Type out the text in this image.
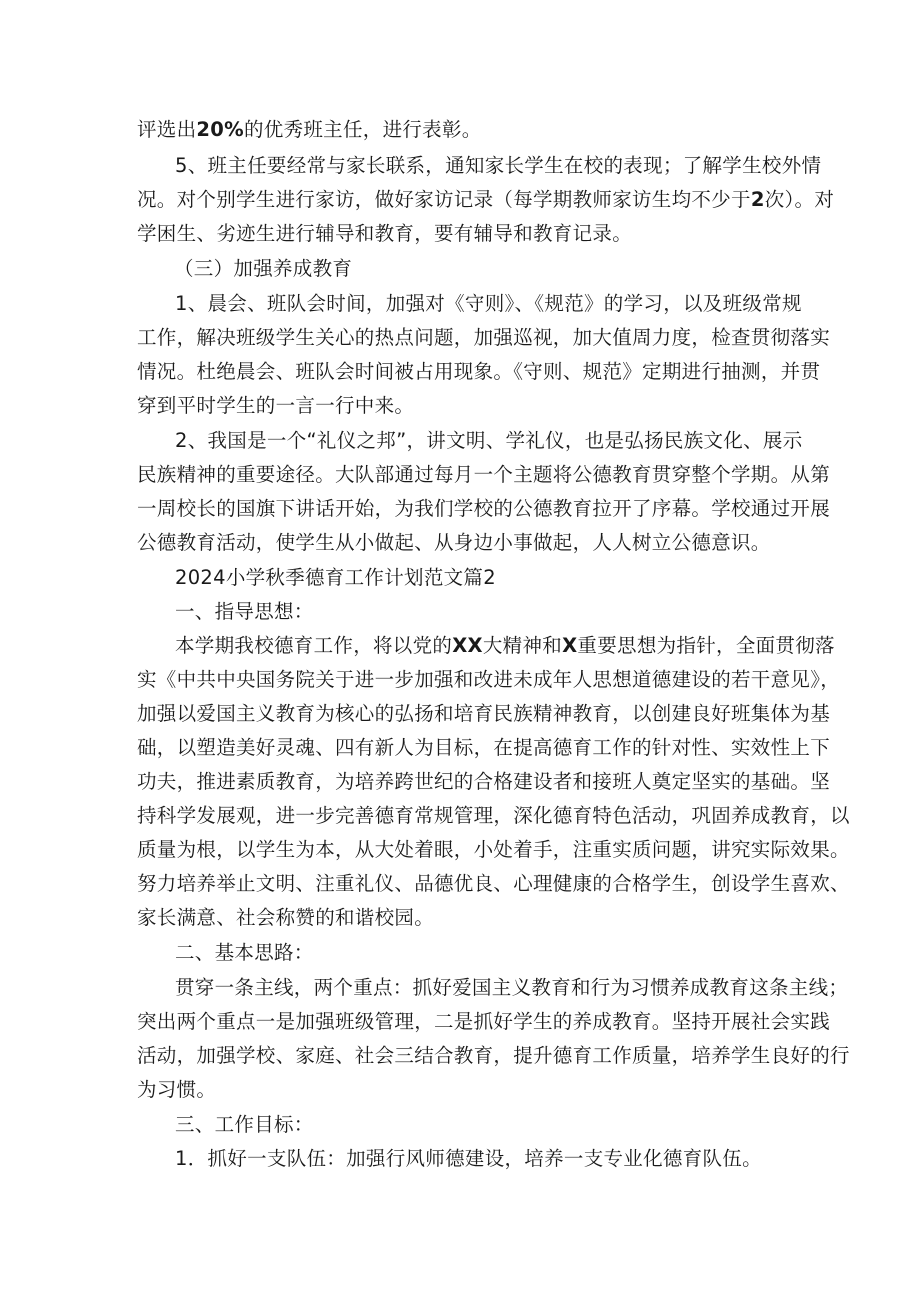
评选出20%的优秀班主任，进行表彰。
5、班主任要经常与家长联系，通知家长学生在校的表现；了解学生校外情
况。对个别学生进行家访，做好家访记录（每学期教师家访生均不少于2次）。对
学困生、劣迹生进行辅导和教育，要有辅导和教育记录。
（三）加强养成教育
1、晨会、班队会时间，加强对《守则》、《规范》的学习，以及班级常规
工作，解决班级学生关心的热点问题，加强巡视，加大值周力度，检查贯彻落实
情况。杜绝晨会、班队会时间被占用现象。《守则、规范》定期进行抽测，并贯
穿到平时学生的一言一行中来。
2、我国是一个“礼仪之邦”，讲文明、学礼仪，也是弘扬民族文化、展示
民族精神的重要途径。大队部通过每月一个主题将公德教育贯穿整个学期。从第
一周校长的国旗下讲话开始，为我们学校的公德教育拉开了序幕。学校通过开展
公德教育活动，使学生从小做起、从身边小事做起，人人树立公德意识。
2024小学秋季德育工作计划范文篇2
一、指导思想：
本学期我校德育工作，将以党的XX大精神和X重要思想为指针，全面贯彻落
实《中共中央国务院关于进一步加强和改进未成年人思想道德建设的若干意见》，
加强以爱国主义教育为核心的弘扬和培育民族精神教育，以创建良好班集体为基
础，以塑造美好灵魂、四有新人为目标，在提高德育工作的针对性、实效性上下
功夫，推进素质教育，为培养跨世纪的合格建设者和接班人奠定坚实的基础。坚
持科学发展观，进一步完善德育常规管理，深化德育特色活动，巩固养成教育，以
质量为根，以学生为本，从大处着眼，小处着手，注重实质问题，讲究实际效果。
努力培养举止文明、注重礼仪、品德优良、心理健康的合格学生，创设学生喜欢、
家长满意、社会称赞的和谐校园。
二、基本思路：
贯穿一条主线，两个重点：抓好爱国主义教育和行为习惯养成教育这条主线；
突出两个重点一是加强班级管理，二是抓好学生的养成教育。坚持开展社会实践
活动，加强学校、家庭、社会三结合教育，提升德育工作质量，培养学生良好的行
为习惯。
三、工作目标：
1．抓好一支队伍：加强行风师德建设，培养一支专业化德育队伍。
